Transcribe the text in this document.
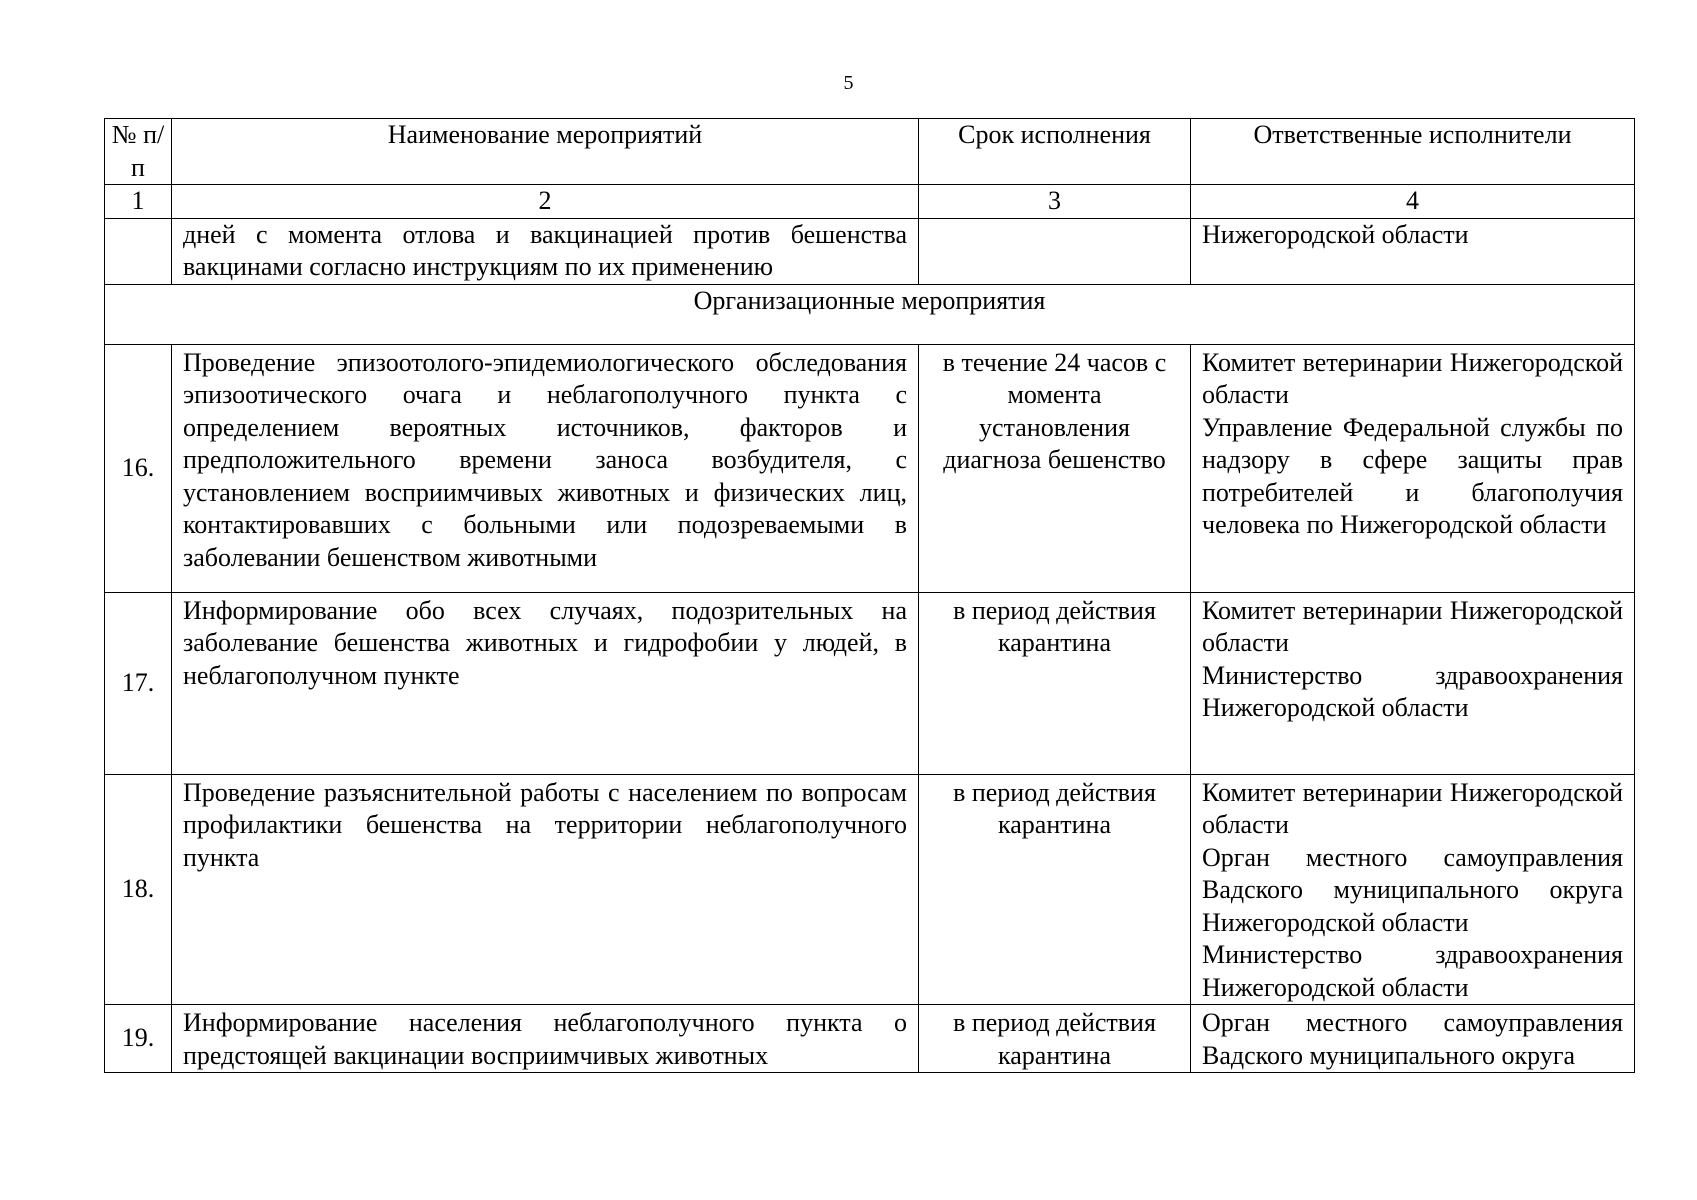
5
№ п/п	Наименование мероприятий	Срок исполнения	Ответственные исполнители
1	2	3	4
	дней с момента отлова и вакцинацией против бешенства вакцинами согласно инструкциям по их применению		Нижегородской области
Организационные мероприятия			
16.	Проведение эпизоотолого-эпидемиологического обследования эпизоотического очага и неблагополучного пункта с определением вероятных источников, факторов и предположительного времени заноса возбудителя, с установлением восприимчивых животных и физических лиц, контактировавших с больными или подозреваемыми в заболевании бешенством животными	в течение 24 часов с момента установления диагноза бешенство	Комитет ветеринарии Нижегородской области
Управление Федеральной службы по надзору в сфере защиты прав потребителей и благополучия человека по Нижегородской области

17.	Информирование обо всех случаях, подозрительных на заболевание бешенства животных и гидрофобии у людей, в неблагополучном пункте	в период действия карантина	Комитет ветеринарии Нижегородской области
Министерство здравоохранения Нижегородской области

18.	Проведение разъяснительной работы с населением по вопросам профилактики бешенства на территории неблагополучного пункта	в период действия карантина	Комитет ветеринарии Нижегородской области
Орган местного самоуправления Вадского муниципального округа Нижегородской области
Министерство здравоохранения Нижегородской области

19.	Информирование населения неблагополучного пункта о предстоящей вакцинации восприимчивых животных	в период действия карантина	Орган местного самоуправления Вадского муниципального округа
